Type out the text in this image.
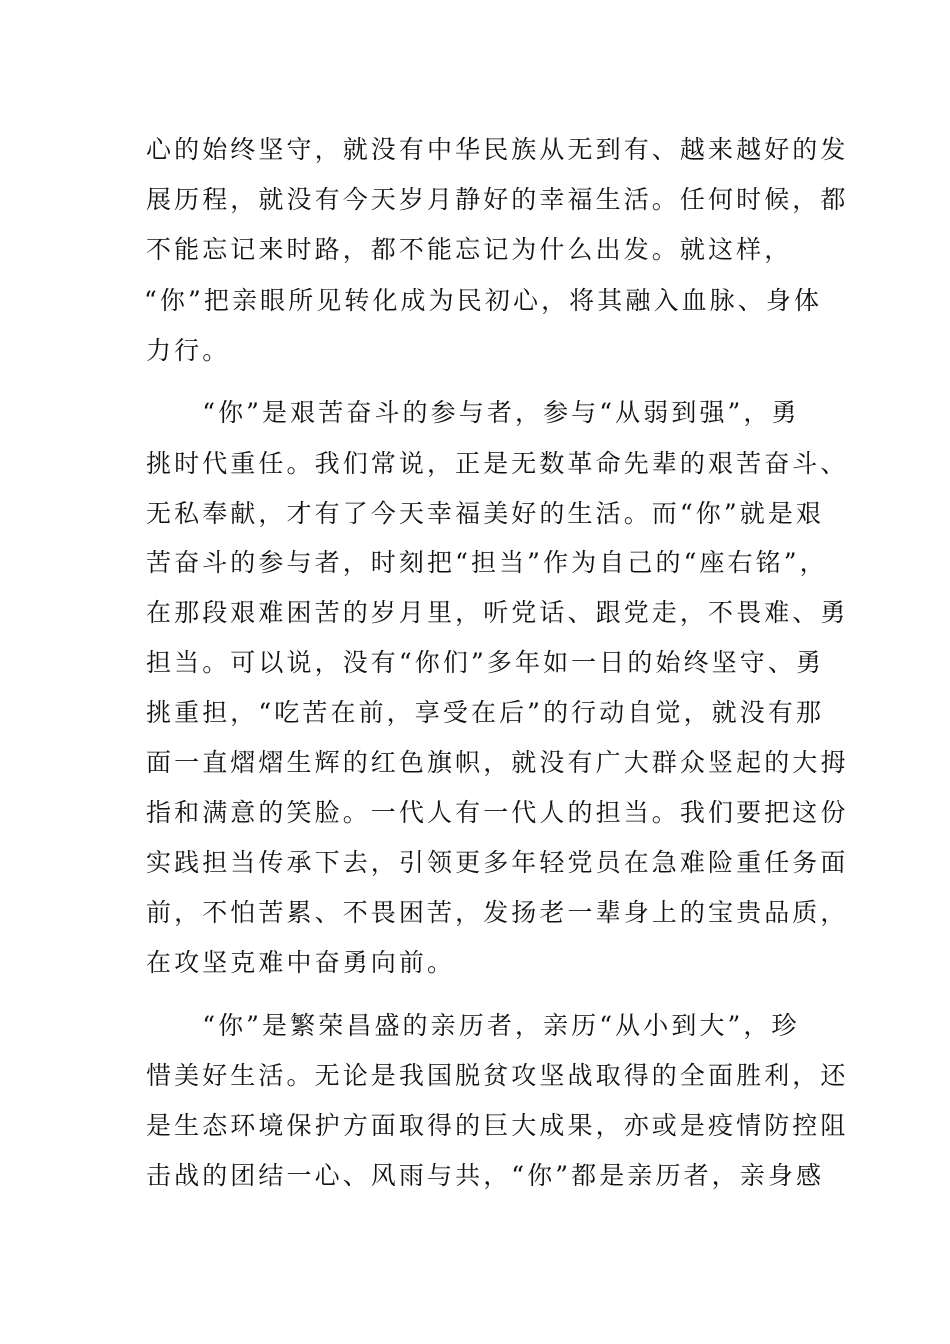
心的始终坚守，就没有中华民族从无到有、越来越好的发
展历程，就没有今天岁月静好的幸福生活。任何时候，都
不能忘记来时路，都不能忘记为什么出发。就这样，
“你”把亲眼所见转化成为民初心，将其融入血脉、身体
力行。
　　“你”是艰苦奋斗的参与者，参与“从弱到强”，勇
挑时代重任。我们常说，正是无数革命先辈的艰苦奋斗、
无私奉献，才有了今天幸福美好的生活。而“你”就是艰
苦奋斗的参与者，时刻把“担当”作为自己的“座右铭”，
在那段艰难困苦的岁月里，听党话、跟党走，不畏难、勇
担当。可以说，没有“你们”多年如一日的始终坚守、勇
挑重担，“吃苦在前，享受在后”的行动自觉，就没有那
面一直熠熠生辉的红色旗帜，就没有广大群众竖起的大拇
指和满意的笑脸。一代人有一代人的担当。我们要把这份
实践担当传承下去，引领更多年轻党员在急难险重任务面
前，不怕苦累、不畏困苦，发扬老一辈身上的宝贵品质，
在攻坚克难中奋勇向前。
　　“你”是繁荣昌盛的亲历者，亲历“从小到大”，珍
惜美好生活。无论是我国脱贫攻坚战取得的全面胜利，还
是生态环境保护方面取得的巨大成果，亦或是疫情防控阻
击战的团结一心、风雨与共，“你”都是亲历者，亲身感
